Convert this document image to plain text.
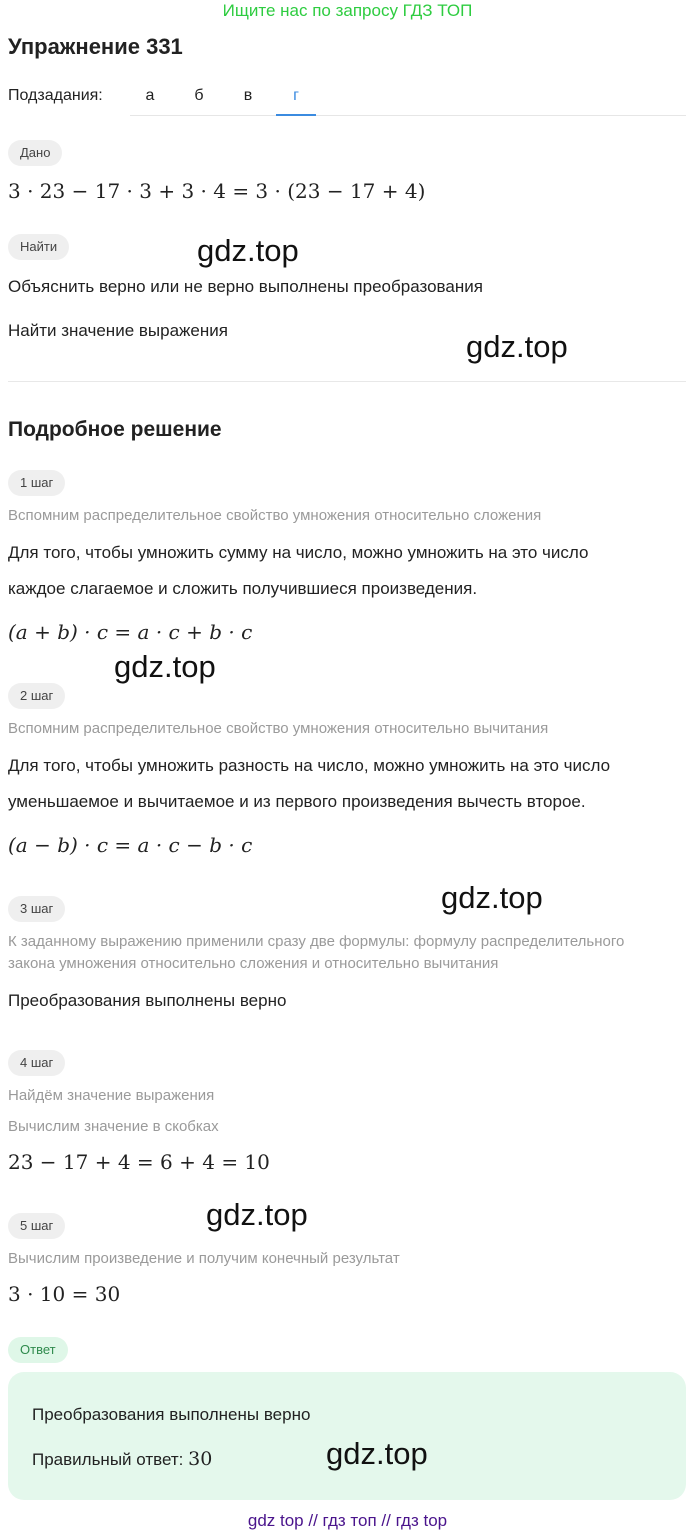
Ищите нас по запросу ГДЗ ТОП
Упражнение 331
Подзадания:	а	б	в	г
Дано
3 · 23 − 17 · 3 + 3 · 4 = 3 · (23 − 17 + 4)
Найти
Объяснить верно или не верно выполнены преобразования
Найти значение выражения
Подробное решение
1 шаг
Вспомним распределительное свойство умножения относительно сложения
Для того, чтобы умножить сумму на число, можно умножить на это число
каждое слагаемое и сложить получившиеся произведения.
(a + b) · c = a · c + b · c
2 шаг
Вспомним распределительное свойство умножения относительно вычитания
Для того, чтобы умножить разность на число, можно умножить на это число
уменьшаемое и вычитаемое и из первого произведения вычесть второе.
(a − b) · c = a · c − b · c
3 шаг
К заданному выражению применили сразу две формулы: формулу распределительного
закона умножения относительно сложения и относительно вычитания
Преобразования выполнены верно
4 шаг
Найдём значение выражения
Вычислим значение в скобках
23 − 17 + 4 = 6 + 4 = 10
5 шаг
Вычислим произведение и получим конечный результат
3 · 10 = 30
Ответ
Преобразования выполнены верно
Правильный ответ: 30
gdz.top
gdz.top
gdz.top
gdz.top
gdz.top
gdz.top
gdz top // гдз топ // гдз top
